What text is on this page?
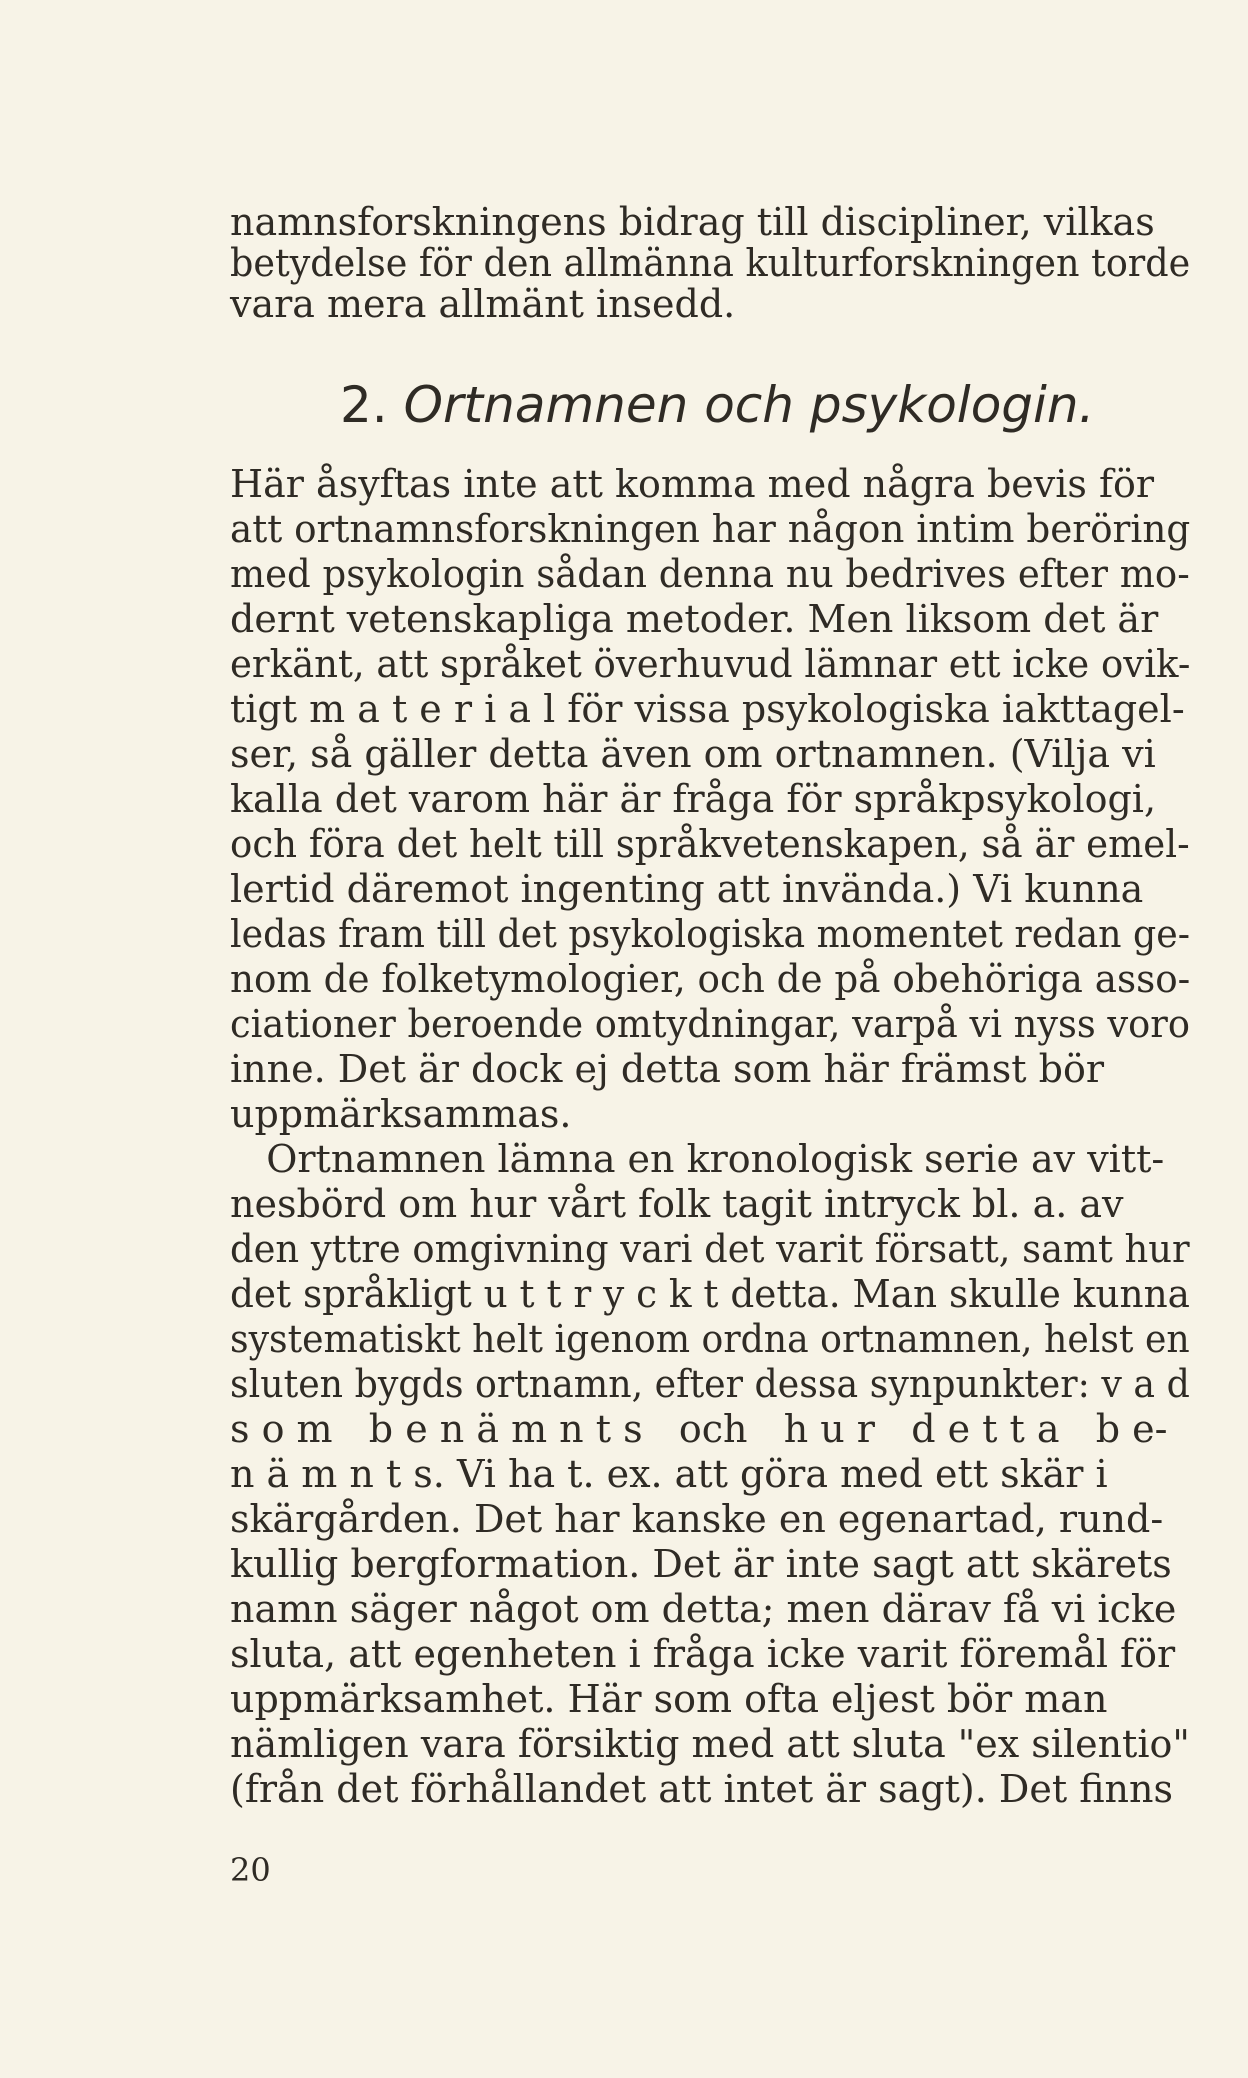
namnsforskningens bidrag till discipliner, vilkas
betydelse för den allmänna kulturforskningen torde
vara mera allmänt insedd.
2. Ortnamnen och psykologin.
Här åsyftas inte att komma med några bevis för
att ortnamnsforskningen har någon intim beröring
med psykologin sådan denna nu bedrives efter mo-
dernt vetenskapliga metoder. Men liksom det är
erkänt, att språket överhuvud lämnar ett icke ovik-
tigt m a t e r i a l för vissa psykologiska iakttagel-
ser, så gäller detta även om ortnamnen. (Vilja vi
kalla det varom här är fråga för språkpsykologi,
och föra det helt till språkvetenskapen, så är emel-
lertid däremot ingenting att invända.) Vi kunna
ledas fram till det psykologiska momentet redan ge-
nom de folketymologier, och de på obehöriga asso-
ciationer beroende omtydningar, varpå vi nyss voro
inne. Det är dock ej detta som här främst bör
uppmärksammas.
Ortnamnen lämna en kronologisk serie av vitt-
nesbörd om hur vårt folk tagit intryck bl. a. av
den yttre omgivning vari det varit försatt, samt hur
det språkligt u t t r y c k t detta. Man skulle kunna
systematiskt helt igenom ordna ortnamnen, helst en
sluten bygds ortnamn, efter dessa synpunkter: v a d
s o m   b e n ä m n t s   och   h u r   d e t t a   b e-
n ä m n t s. Vi ha t. ex. att göra med ett skär i
skärgården. Det har kanske en egenartad, rund-
kullig bergformation. Det är inte sagt att skärets
namn säger något om detta; men därav få vi icke
sluta, att egenheten i fråga icke varit föremål för
uppmärksamhet. Här som ofta eljest bör man
nämligen vara försiktig med att sluta "ex silentio"
(från det förhållandet att intet är sagt). Det finns
20
